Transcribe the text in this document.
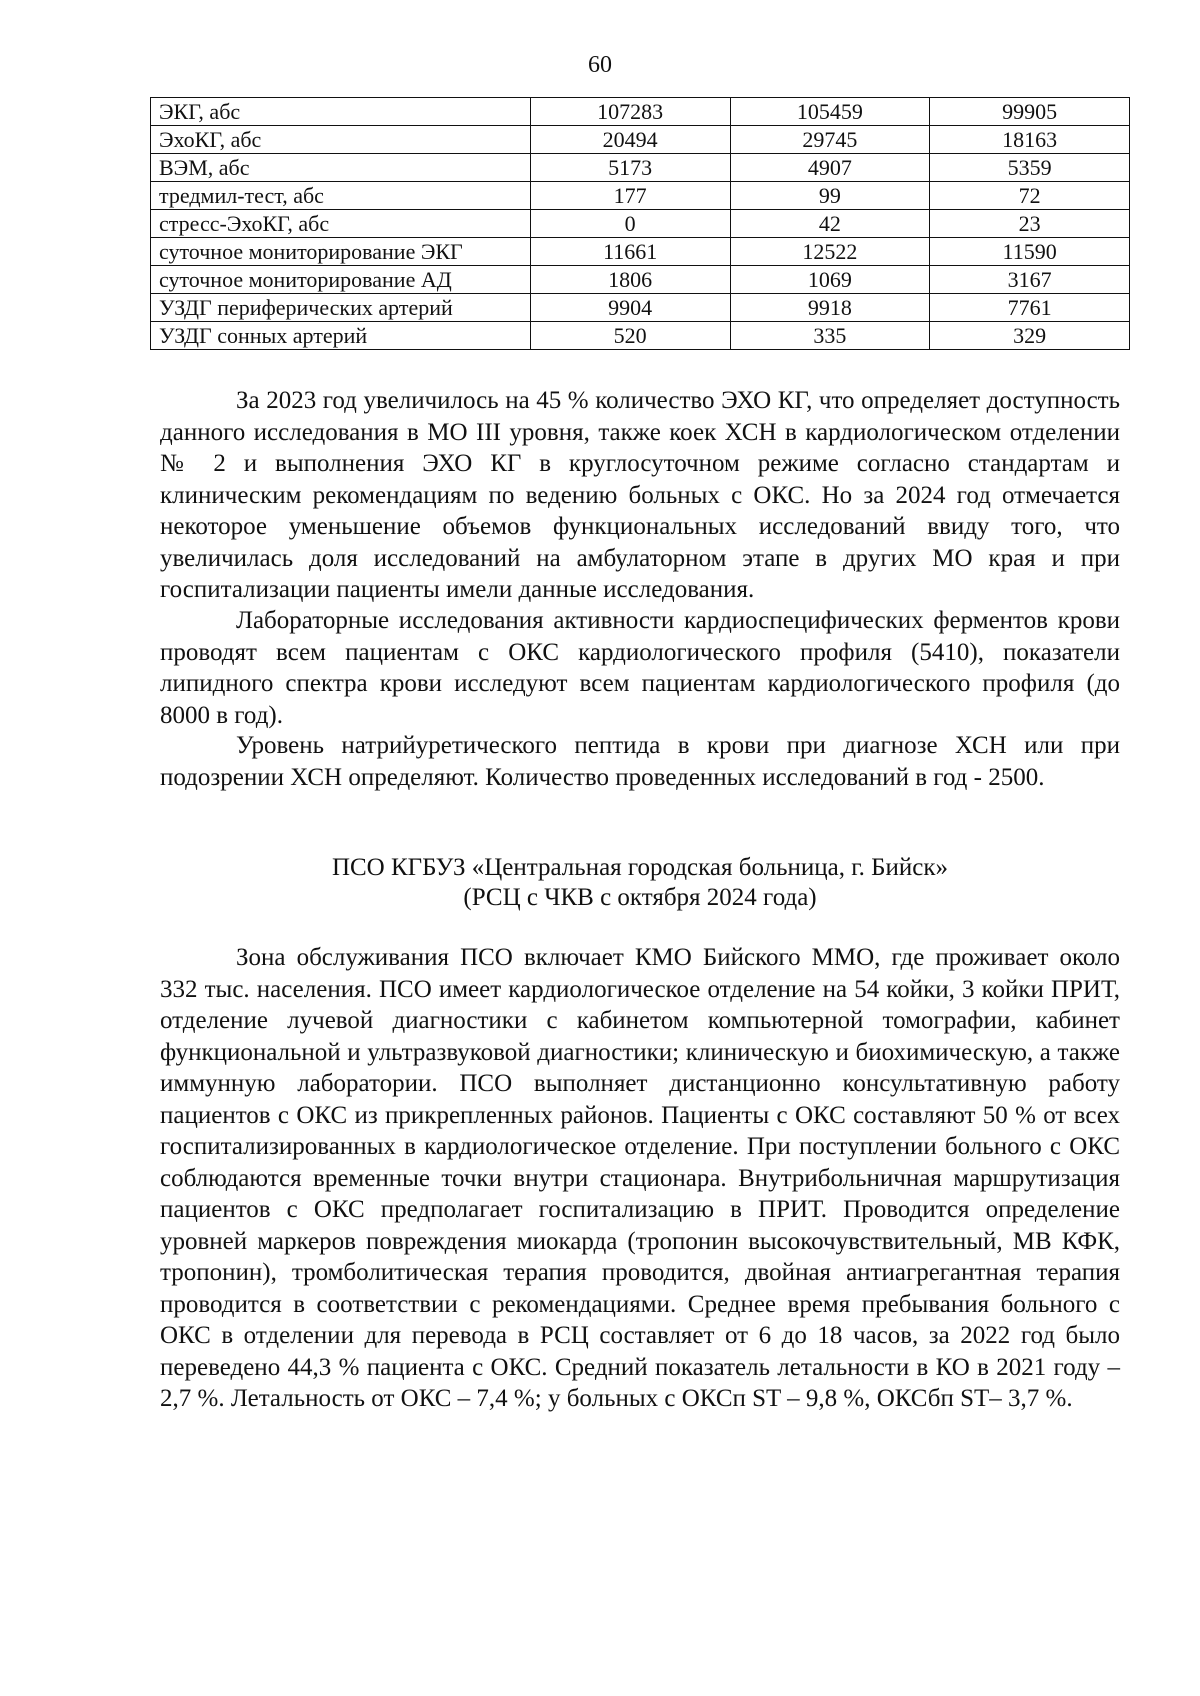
60
ЭКГ, абс	107283	105459	99905
ЭхоКГ, абс	20494	29745	18163
ВЭМ, абс	5173	4907	5359
тредмил-тест, абс	177	99	72
стресс-ЭхоКГ, абс	0	42	23
суточное мониторирование ЭКГ	11661	12522	11590
суточное мониторирование АД	1806	1069	3167
УЗДГ периферических артерий	9904	9918	7761
УЗДГ сонных артерий	520	335	329

За 2023 год увеличилось на 45 % количество ЭХО КГ, что определяет доступность данного исследования в МО III уровня, также коек ХСН в кардиологическом отделении № 2 и выполнения ЭХО КГ в круглосуточном режиме согласно стандартам и клиническим рекомендациям по ведению больных с ОКС. Но за 2024 год отмечается некоторое уменьшение объемов функциональных исследований ввиду того, что увеличилась доля исследований на амбулаторном этапе в других МО края и при госпитализации пациенты имели данные исследования.

Лабораторные исследования активности кардиоспецифических ферментов крови проводят всем пациентам с ОКС кардиологического профиля (5410), показатели липидного спектра крови исследуют всем пациентам кардиологического профиля (до 8000 в год).

Уровень натрийуретического пептида в крови при диагнозе ХСН или при подозрении ХСН определяют. Количество проведенных исследований в год - 2500.

ПСО КГБУЗ «Центральная городская больница, г. Бийск»
(РСЦ с ЧКВ с октября 2024 года)

Зона обслуживания ПСО включает КМО Бийского ММО, где проживает около 332 тыс. населения. ПСО имеет кардиологическое отделение на 54 койки, 3 койки ПРИТ, отделение лучевой диагностики с кабинетом компьютерной томографии, кабинет функциональной и ультразвуковой диагностики; клиническую и биохимическую, а также иммунную лаборатории. ПСО выполняет дистанционно консультативную работу пациентов с ОКС из прикрепленных районов. Пациенты с ОКС составляют 50 % от всех госпитализированных в кардиологическое отделение. При поступлении больного с ОКС соблюдаются временные точки внутри стационара. Внутрибольничная маршрутизация пациентов с ОКС предполагает госпитализацию в ПРИТ. Проводится определение уровней маркеров повреждения миокарда (тропонин высокочувствительный, МВ КФК, тропонин), тромболитическая терапия проводится, двойная антиагрегантная терапия проводится в соответствии с рекомендациями. Среднее время пребывания больного с ОКС в отделении для перевода в РСЦ составляет от 6 до 18 часов, за 2022 год было переведено 44,3 % пациента с ОКС. Средний показатель летальности в КО в 2021 году – 2,7 %. Летальность от ОКС – 7,4 %; у больных с ОКСп ST – 9,8 %, ОКСбп ST– 3,7 %.
